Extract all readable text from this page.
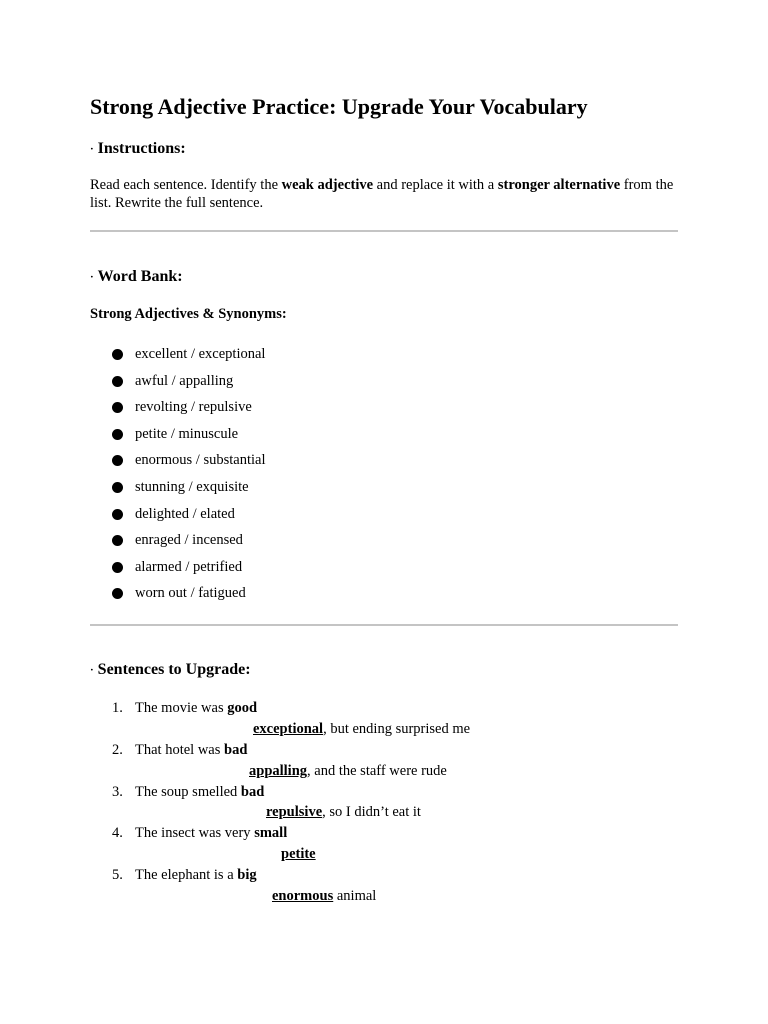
Strong Adjective Practice: Upgrade Your Vocabulary
· Instructions:

Read each sentence. Identify the weak adjective and replace it with a stronger alternative from the list. Rewrite the full sentence.

· Word Bank:

Strong Adjectives & Synonyms:

excellent / exceptional
awful / appalling
revolting / repulsive
petite / minuscule
enormous / substantial
stunning / exquisite
delighted / elated
enraged / incensed
alarmed / petrified
worn out / fatigued
· Sentences to Upgrade:
1. The movie was good
exceptional, but ending surprised me
2. That hotel was bad
appalling, and the staff were rude
3. The soup smelled bad
repulsive, so I didn’t eat it
4. The insect was very small
petite
5. The elephant is a big
enormous animal
